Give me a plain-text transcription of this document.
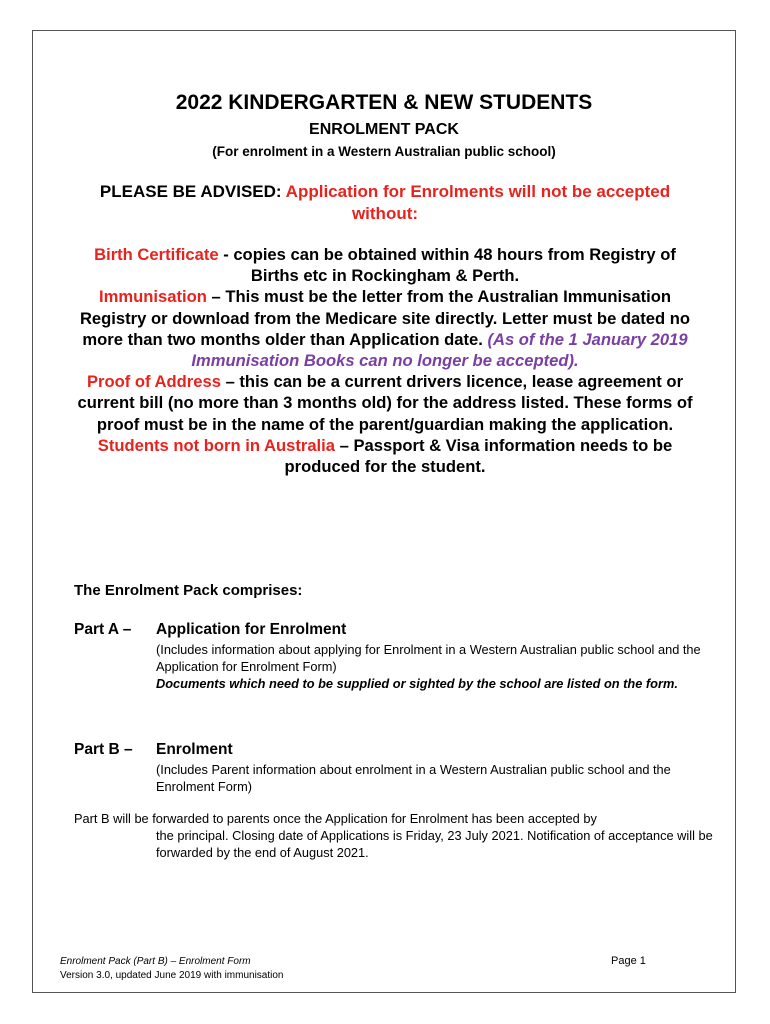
2022 KINDERGARTEN & NEW STUDENTS
ENROLMENT PACK
(For enrolment in a Western Australian public school)
PLEASE BE ADVISED: Application for Enrolments will not be accepted without:
Birth Certificate - copies can be obtained within 48 hours from Registry of Births etc in Rockingham & Perth.
Immunisation – This must be the letter from the Australian Immunisation Registry or download from the Medicare site directly. Letter must be dated no more than two months older than Application date. (As of the 1 January 2019 Immunisation Books can no longer be accepted).
Proof of Address – this can be a current drivers licence, lease agreement or current bill (no more than 3 months old) for the address listed. These forms of proof must be in the name of the parent/guardian making the application.
Students not born in Australia – Passport & Visa information needs to be produced for the student.
The Enrolment Pack comprises:
Part A – Application for Enrolment
(Includes information about applying for Enrolment in a Western Australian public school and the Application for Enrolment Form)
Documents which need to be supplied or sighted by the school are listed on the form.
Part B – Enrolment
(Includes Parent information about enrolment in a Western Australian public school and the Enrolment Form)
Part B will be forwarded to parents once the Application for Enrolment has been accepted by
the principal. Closing date of Applications is Friday, 23 July 2021. Notification of acceptance will be forwarded by the end of August 2021.
Enrolment Pack (Part B) – Enrolment Form
Version 3.0, updated June 2019 with immunisation
Page 1
